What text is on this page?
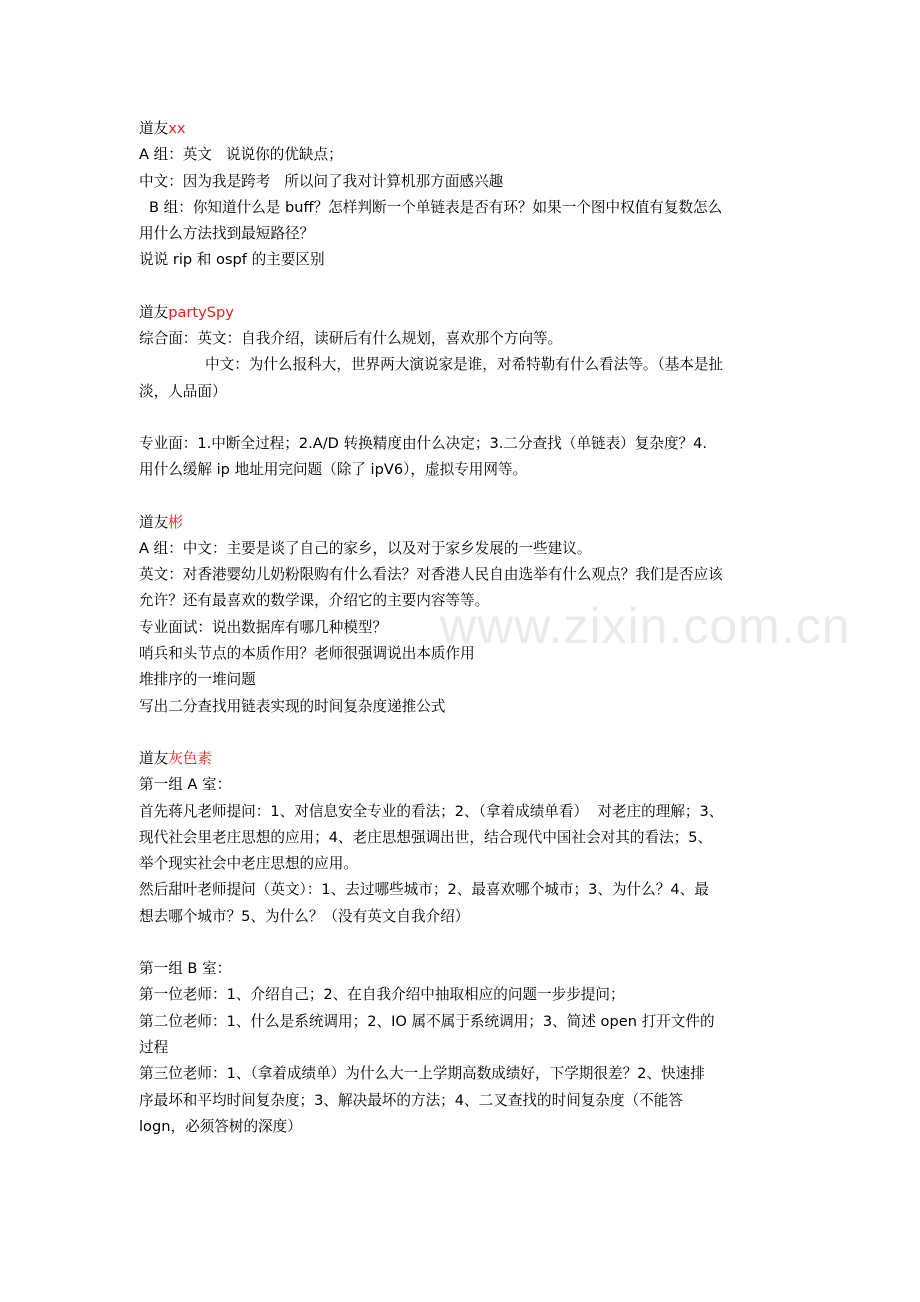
道友xx

A 组：英文   说说你的优缺点；

中文：因为我是跨考   所以问了我对计算机那方面感兴趣

B 组：你知道什么是 buff？怎样判断一个单链表是否有环？如果一个图中权值有复数怎么

用什么方法找到最短路径？

说说 rip 和 ospf 的主要区别

道友partySpy

综合面：英文：自我介绍，读研后有什么规划，喜欢那个方向等。

中文：为什么报科大，世界两大演说家是谁，对希特勒有什么看法等。（基本是扯

淡，人品面）

专业面：1.中断全过程；2.A/D 转换精度由什么决定；3.二分查找（单链表）复杂度？4.

用什么缓解 ip 地址用完问题（除了 ipV6），虚拟专用网等。

道友彬

A 组：中文：主要是谈了自己的家乡，以及对于家乡发展的一些建议。

英文：对香港婴幼儿奶粉限购有什么看法？对香港人民自由选举有什么观点？我们是否应该

允许？还有最喜欢的数学课，介绍它的主要内容等等。

专业面试：说出数据库有哪几种模型？

哨兵和头节点的本质作用？老师很强调说出本质作用

堆排序的一堆问题

写出二分查找用链表实现的时间复杂度递推公式

道友灰色素

第一组 A 室：

首先蒋凡老师提问：1、对信息安全专业的看法；2、（拿着成绩单看）  对老庄的理解；3、

现代社会里老庄思想的应用；4、老庄思想强调出世，结合现代中国社会对其的看法；5、

举个现实社会中老庄思想的应用。

然后甜叶老师提问（英文）：1、去过哪些城市；2、最喜欢哪个城市；3、为什么？4、最

想去哪个城市？5、为什么？（没有英文自我介绍）

第一组 B 室：

第一位老师：1、介绍自己；2、在自我介绍中抽取相应的问题一步步提问；

第二位老师：1、什么是系统调用；2、IO 属不属于系统调用；3、简述 open 打开文件的

过程

第三位老师：1、（拿着成绩单）为什么大一上学期高数成绩好，下学期很差？2、快速排

序最坏和平均时间复杂度；3、解决最坏的方法；4、二叉查找的时间复杂度（不能答

logn，必须答树的深度）

www.zixin.com.cn
